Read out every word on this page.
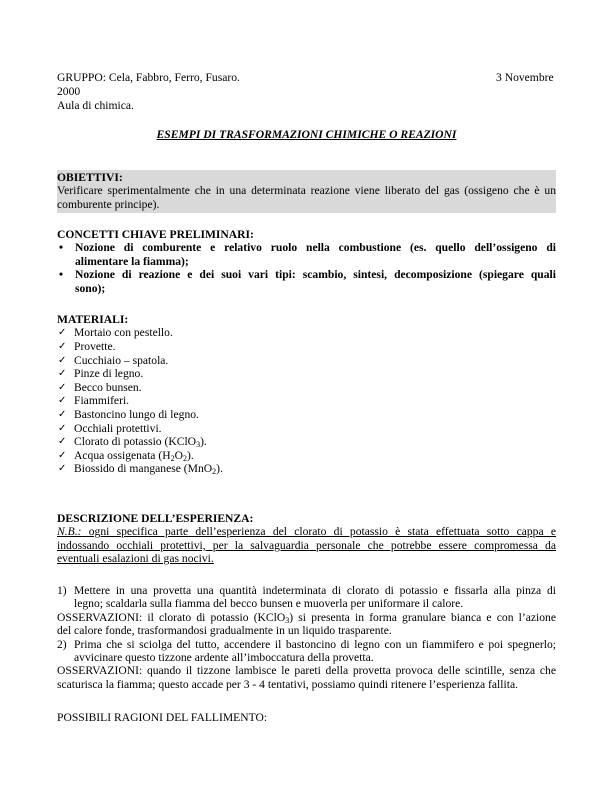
GRUPPO: Cela, Fabbro, Ferro, Fusaro.	3 Novembre
2000
Aula di chimica.
ESEMPI DI TRASFORMAZIONI CHIMICHE O REAZIONI
OBIETTIVI:
Verificare sperimentalmente che in una determinata reazione viene liberato del gas (ossigeno che è un
comburente principe).
CONCETTI CHIAVE PRELIMINARI:
• Nozione di comburente e relativo ruolo nella combustione (es. quello dell’ossigeno di
alimentare la fiamma);
• Nozione di reazione e dei suoi vari tipi: scambio, sintesi, decomposizione (spiegare quali
sono);
MATERIALI:
✓ Mortaio con pestello.
✓ Provette.
✓ Cucchiaio – spatola.
✓ Pinze di legno.
✓ Becco bunsen.
✓ Fiammiferi.
✓ Bastoncino lungo di legno.
✓ Occhiali protettivi.
✓ Clorato di potassio (KClO$_3$).
✓ Acqua ossigenata $(H_2O_2)$.
✓ Biossido di manganese (MnO$_2$).
DESCRIZIONE DELL’ESPERIENZA:
N.B.: ogni specifica parte dell’esperienza del clorato di potassio è stata effettuata sotto cappa e
indossando occhiali protettivi, per la salvaguardia personale che potrebbe essere compromessa da
eventuali esalazioni di gas nocivi.
1) Mettere in una provetta una quantità indeterminata di clorato di potassio e fissarla alla pinza di
legno; scaldarla sulla fiamma del becco bunsen e muoverla per uniformare il calore.
OSSERVAZIONI: il clorato di potassio (KClO$_3$) si presenta in forma granulare bianca e con l’azione
del calore fonde, trasformandosi gradualmente in un liquido trasparente.
2) Prima che si sciolga del tutto, accendere il bastoncino di legno con un fiammifero e poi spegnerlo;
avvicinare questo tizzone ardente all’imboccatura della provetta.
OSSERVAZIONI: quando il tizzone lambisce le pareti della provetta provoca delle scintille, senza che
scaturisca la fiamma; questo accade per 3 - 4 tentativi, possiamo quindi ritenere l’esperienza fallita.
POSSIBILI RAGIONI DEL FALLIMENTO:
